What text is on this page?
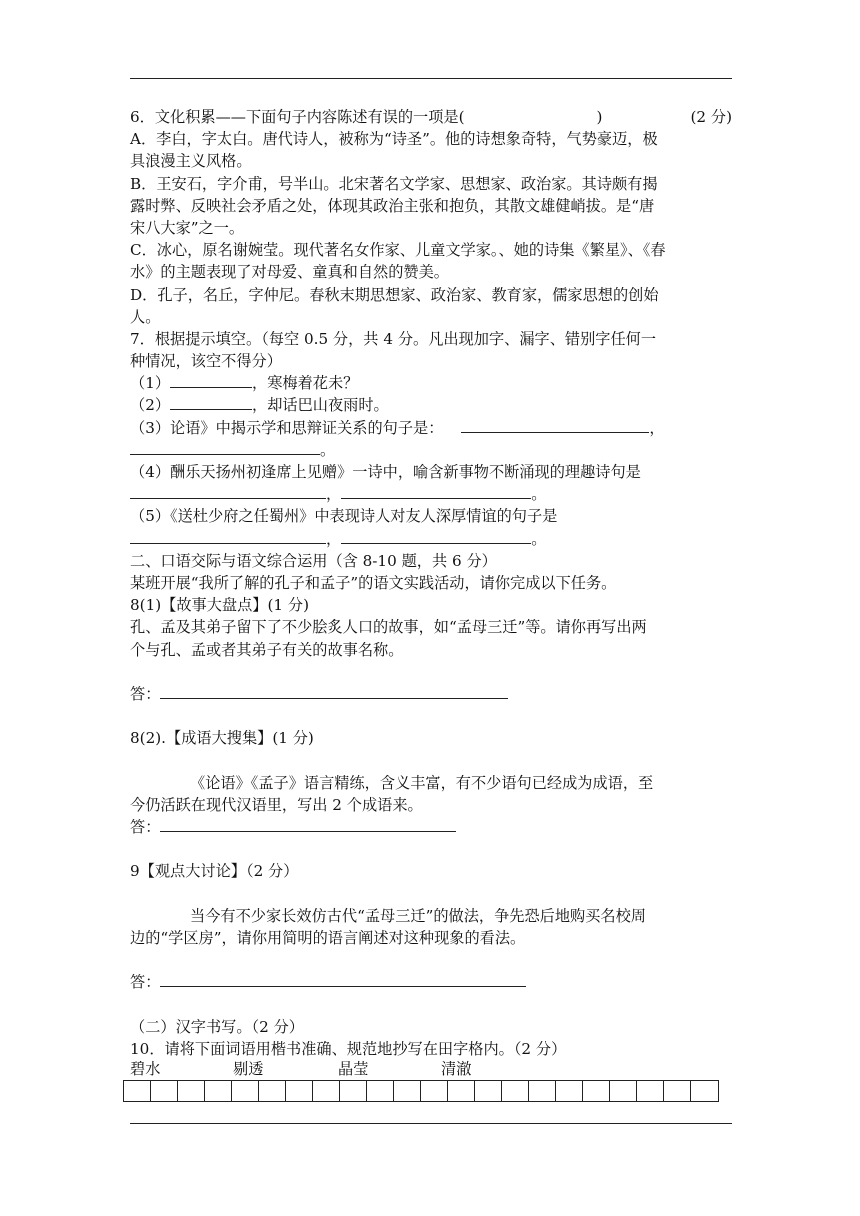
6．文化积累——下面句子内容陈述有误的一项是(	)	(2 分)
A．李白，字太白。唐代诗人，被称为“诗圣”。他的诗想象奇特，气势豪迈，极
具浪漫主义风格。
B．王安石，字介甫，号半山。北宋著名文学家、思想家、政治家。其诗颇有揭
露时弊、反映社会矛盾之处，体现其政治主张和抱负，其散文雄健峭拔。是“唐
宋八大家”之一。
C．冰心，原名谢婉莹。现代著名女作家、儿童文学家。、她的诗集《繁星》、《春
水》的主题表现了对母爱、童真和自然的赞美。
D．孔子，名丘，字仲尼。春秋末期思想家、政治家、教育家，儒家思想的创始
人。
7．根据提示填空。（每空 0.5 分，共 4 分。凡出现加字、漏字、错别字任何一
种情况，该空不得分）
（1）	，寒梅着花未？
（2）	，却话巴山夜雨时。
（3）论语》中揭示学和思辩证关系的句子是：	，
。
（4）酬乐天扬州初逢席上见赠》一诗中，喻含新事物不断涌现的理趣诗句是
，	。
（5）《送杜少府之任蜀州》中表现诗人对友人深厚情谊的句子是
，	。
二、口语交际与语文综合运用（含 8-10 题，共 6 分）
某班开展“我所了解的孔子和孟子”的语文实践活动，请你完成以下任务。
8(1)【故事大盘点】(1 分)
孔、孟及其弟子留下了不少脍炙人口的故事，如“孟母三迁”等。请你再写出两
个与孔、孟或者其弟子有关的故事名称。
答：
8(2).【成语大搜集】(1 分)
《论语》《孟子》语言精练，含义丰富，有不少语句已经成为成语，至
今仍活跃在现代汉语里，写出 2 个成语来。
答：
9【观点大讨论】（2 分）
当今有不少家长效仿古代“孟母三迁”的做法，争先恐后地购买名校周
边的“学区房”，请你用简明的语言阐述对这种现象的看法。
答：
（二）汉字书写。（2 分）
10．请将下面词语用楷书准确、规范地抄写在田字格内。（2 分）
碧水	剔透	晶莹	清澈
